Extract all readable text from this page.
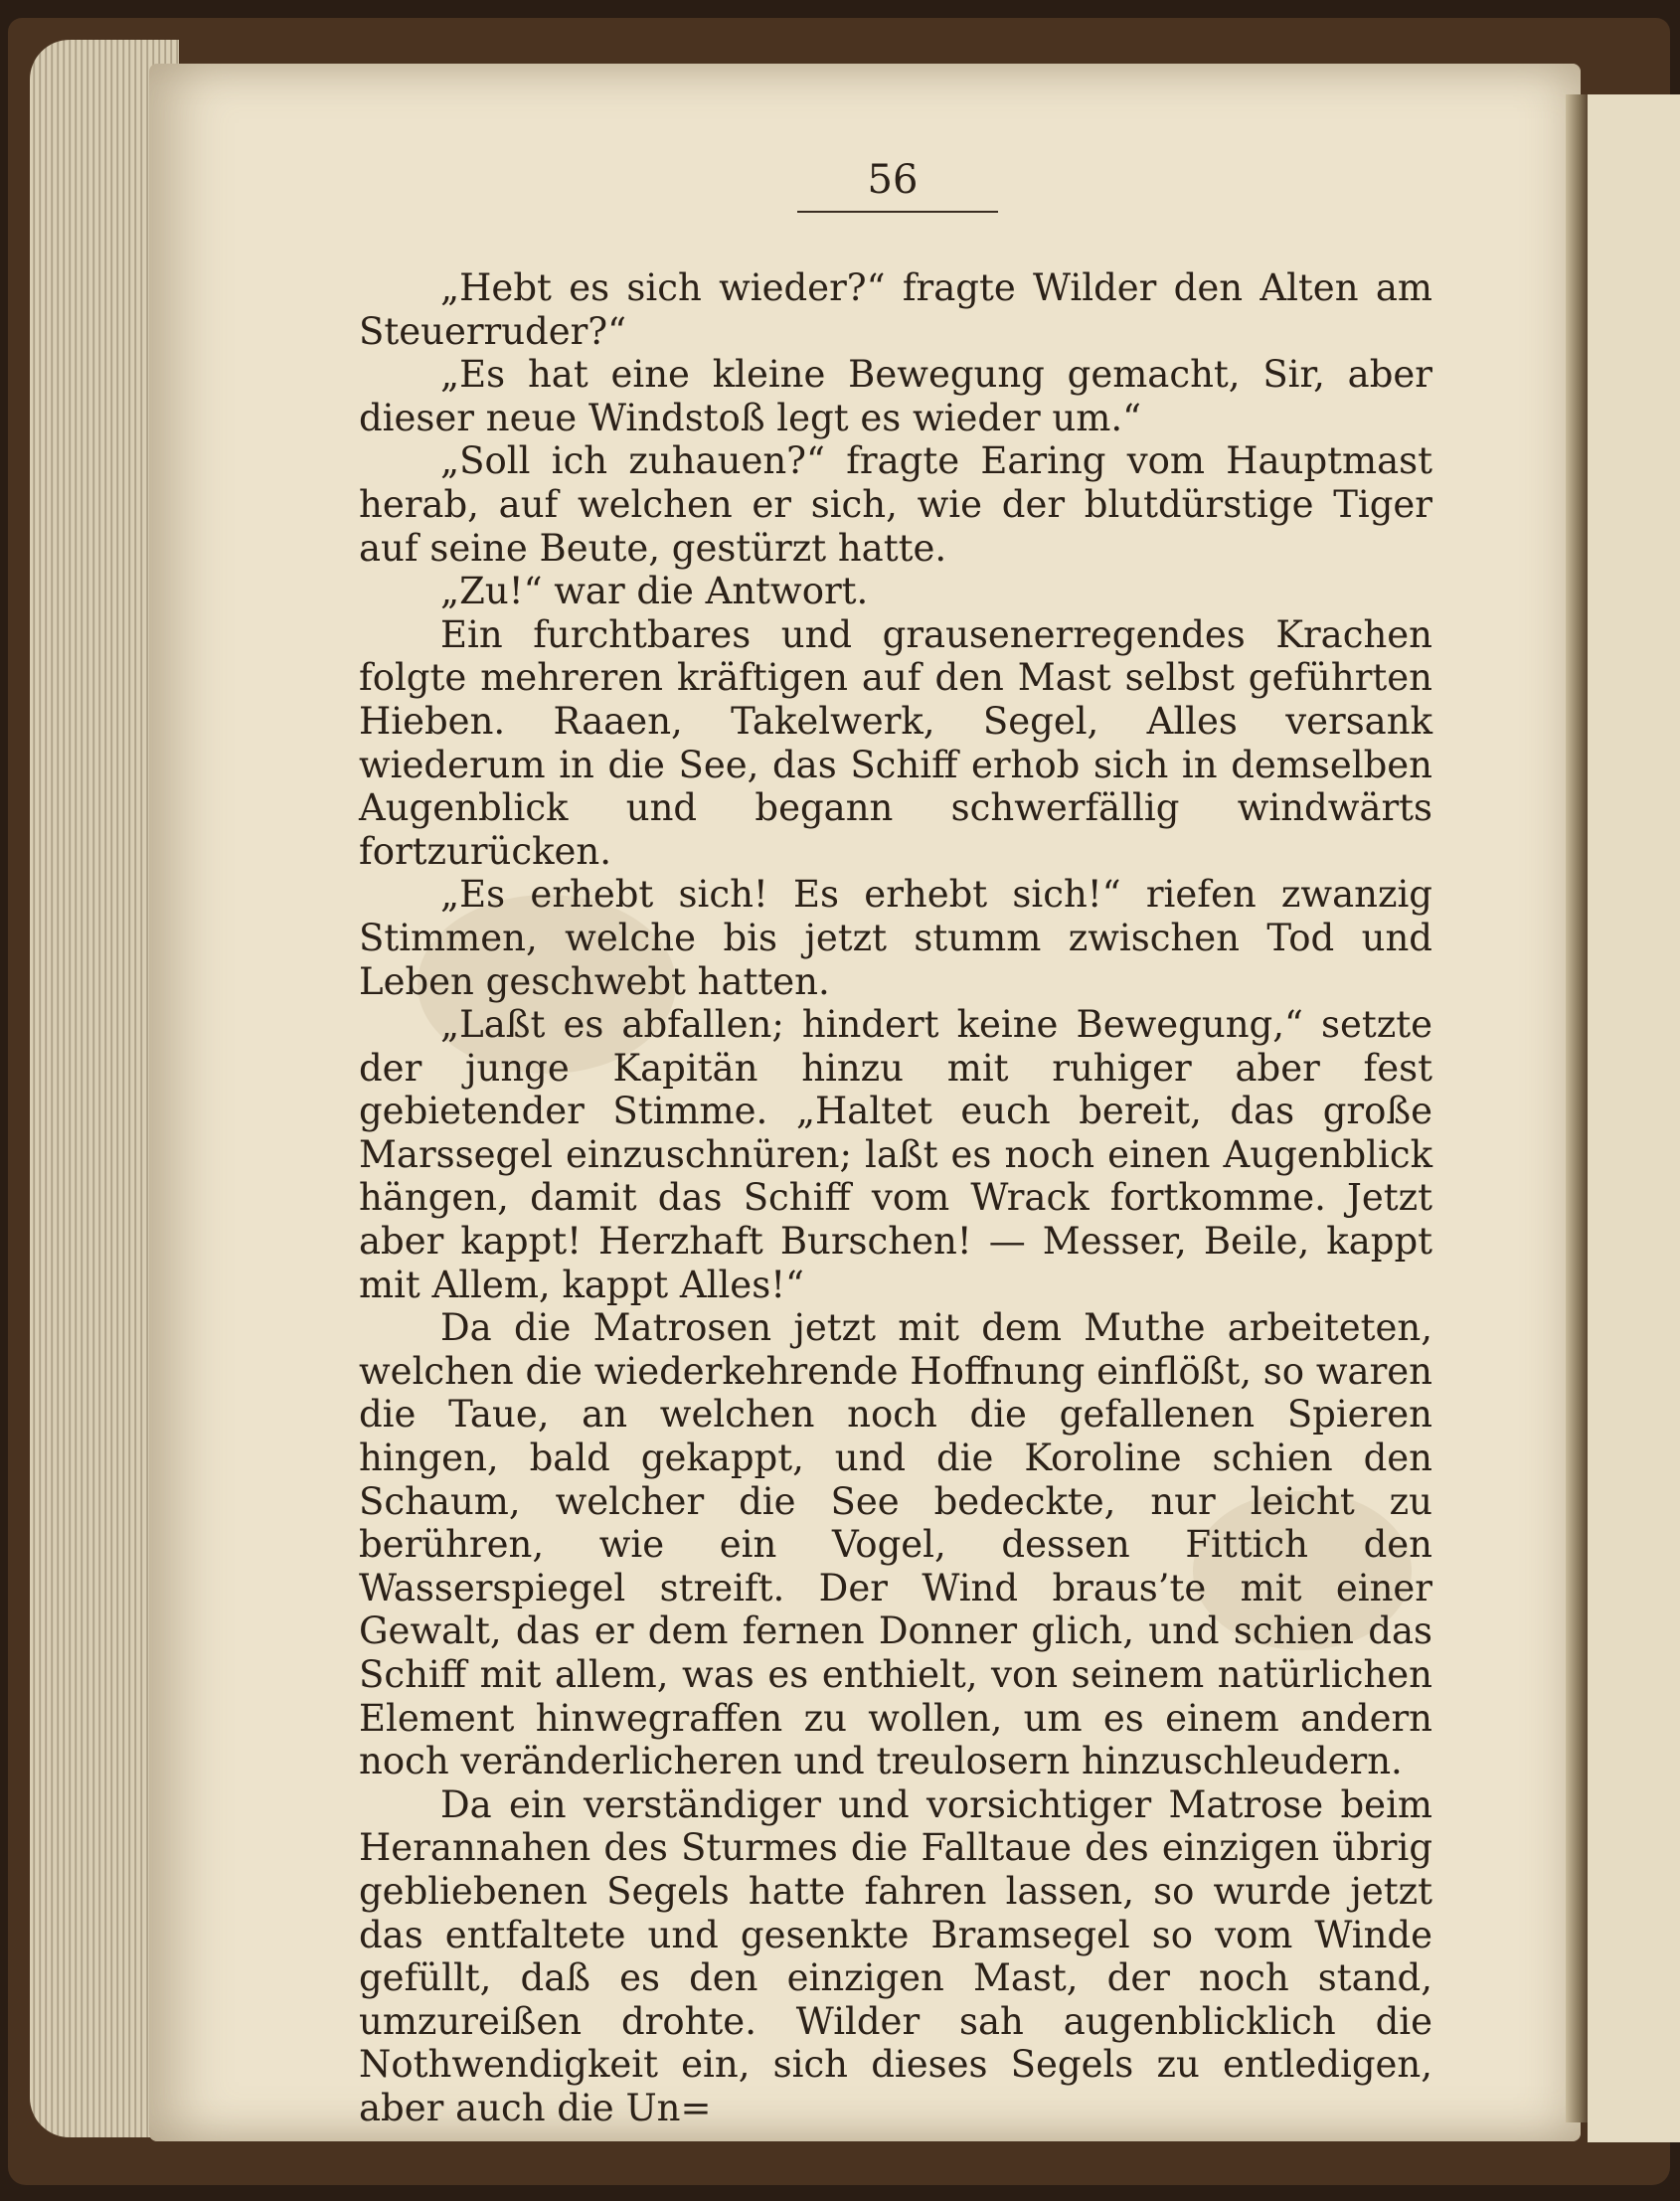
56

„Hebt es sich wieder?“ fragte Wilder den Alten am Steuerruder?“

„Es hat eine kleine Bewegung gemacht, Sir, aber dieser neue Windstoß legt es wieder um.“

„Soll ich zuhauen?“ fragte Earing vom Hauptmast herab, auf welchen er sich, wie der blutdürstige Tiger auf seine Beute, gestürzt hatte.

„Zu!“ war die Antwort.

Ein furchtbares und grausenerregendes Krachen folgte mehreren kräftigen auf den Mast selbst geführten Hieben. Raaen, Takelwerk, Segel, Alles versank wiederum in die See, das Schiff erhob sich in demselben Augenblick und begann schwerfällig windwärts fortzurücken.

„Es erhebt sich! Es erhebt sich!“ riefen zwanzig Stimmen, welche bis jetzt stumm zwischen Tod und Leben geschwebt hatten.

„Laßt es abfallen; hindert keine Bewegung,“ setzte der junge Kapitän hinzu mit ruhiger aber fest gebietender Stimme. „Haltet euch bereit, das große Marssegel einzuschnüren; laßt es noch einen Augenblick hängen, damit das Schiff vom Wrack fortkomme. Jetzt aber kappt! Herzhaft Burschen! — Messer, Beile, kappt mit Allem, kappt Alles!“

Da die Matrosen jetzt mit dem Muthe arbeiteten, welchen die wiederkehrende Hoffnung einflößt, so waren die Taue, an welchen noch die gefallenen Spieren hingen, bald gekappt, und die Koroline schien den Schaum, welcher die See bedeckte, nur leicht zu berühren, wie ein Vogel, dessen Fittich den Wasserspiegel streift. Der Wind braus’te mit einer Gewalt, das er dem fernen Donner glich, und schien das Schiff mit allem, was es enthielt, von seinem natürlichen Element hinwegraffen zu wollen, um es einem andern noch veränderlicheren und treulosern hinzuschleudern.

Da ein verständiger und vorsichtiger Matrose beim Herannahen des Sturmes die Falltaue des einzigen übrig gebliebenen Segels hatte fahren lassen, so wurde jetzt das entfaltete und gesenkte Bramsegel so vom Winde gefüllt, daß es den einzigen Mast, der noch stand, umzureißen drohte. Wilder sah augenblicklich die Nothwendigkeit ein, sich dieses Segels zu entledigen, aber auch die Un=
